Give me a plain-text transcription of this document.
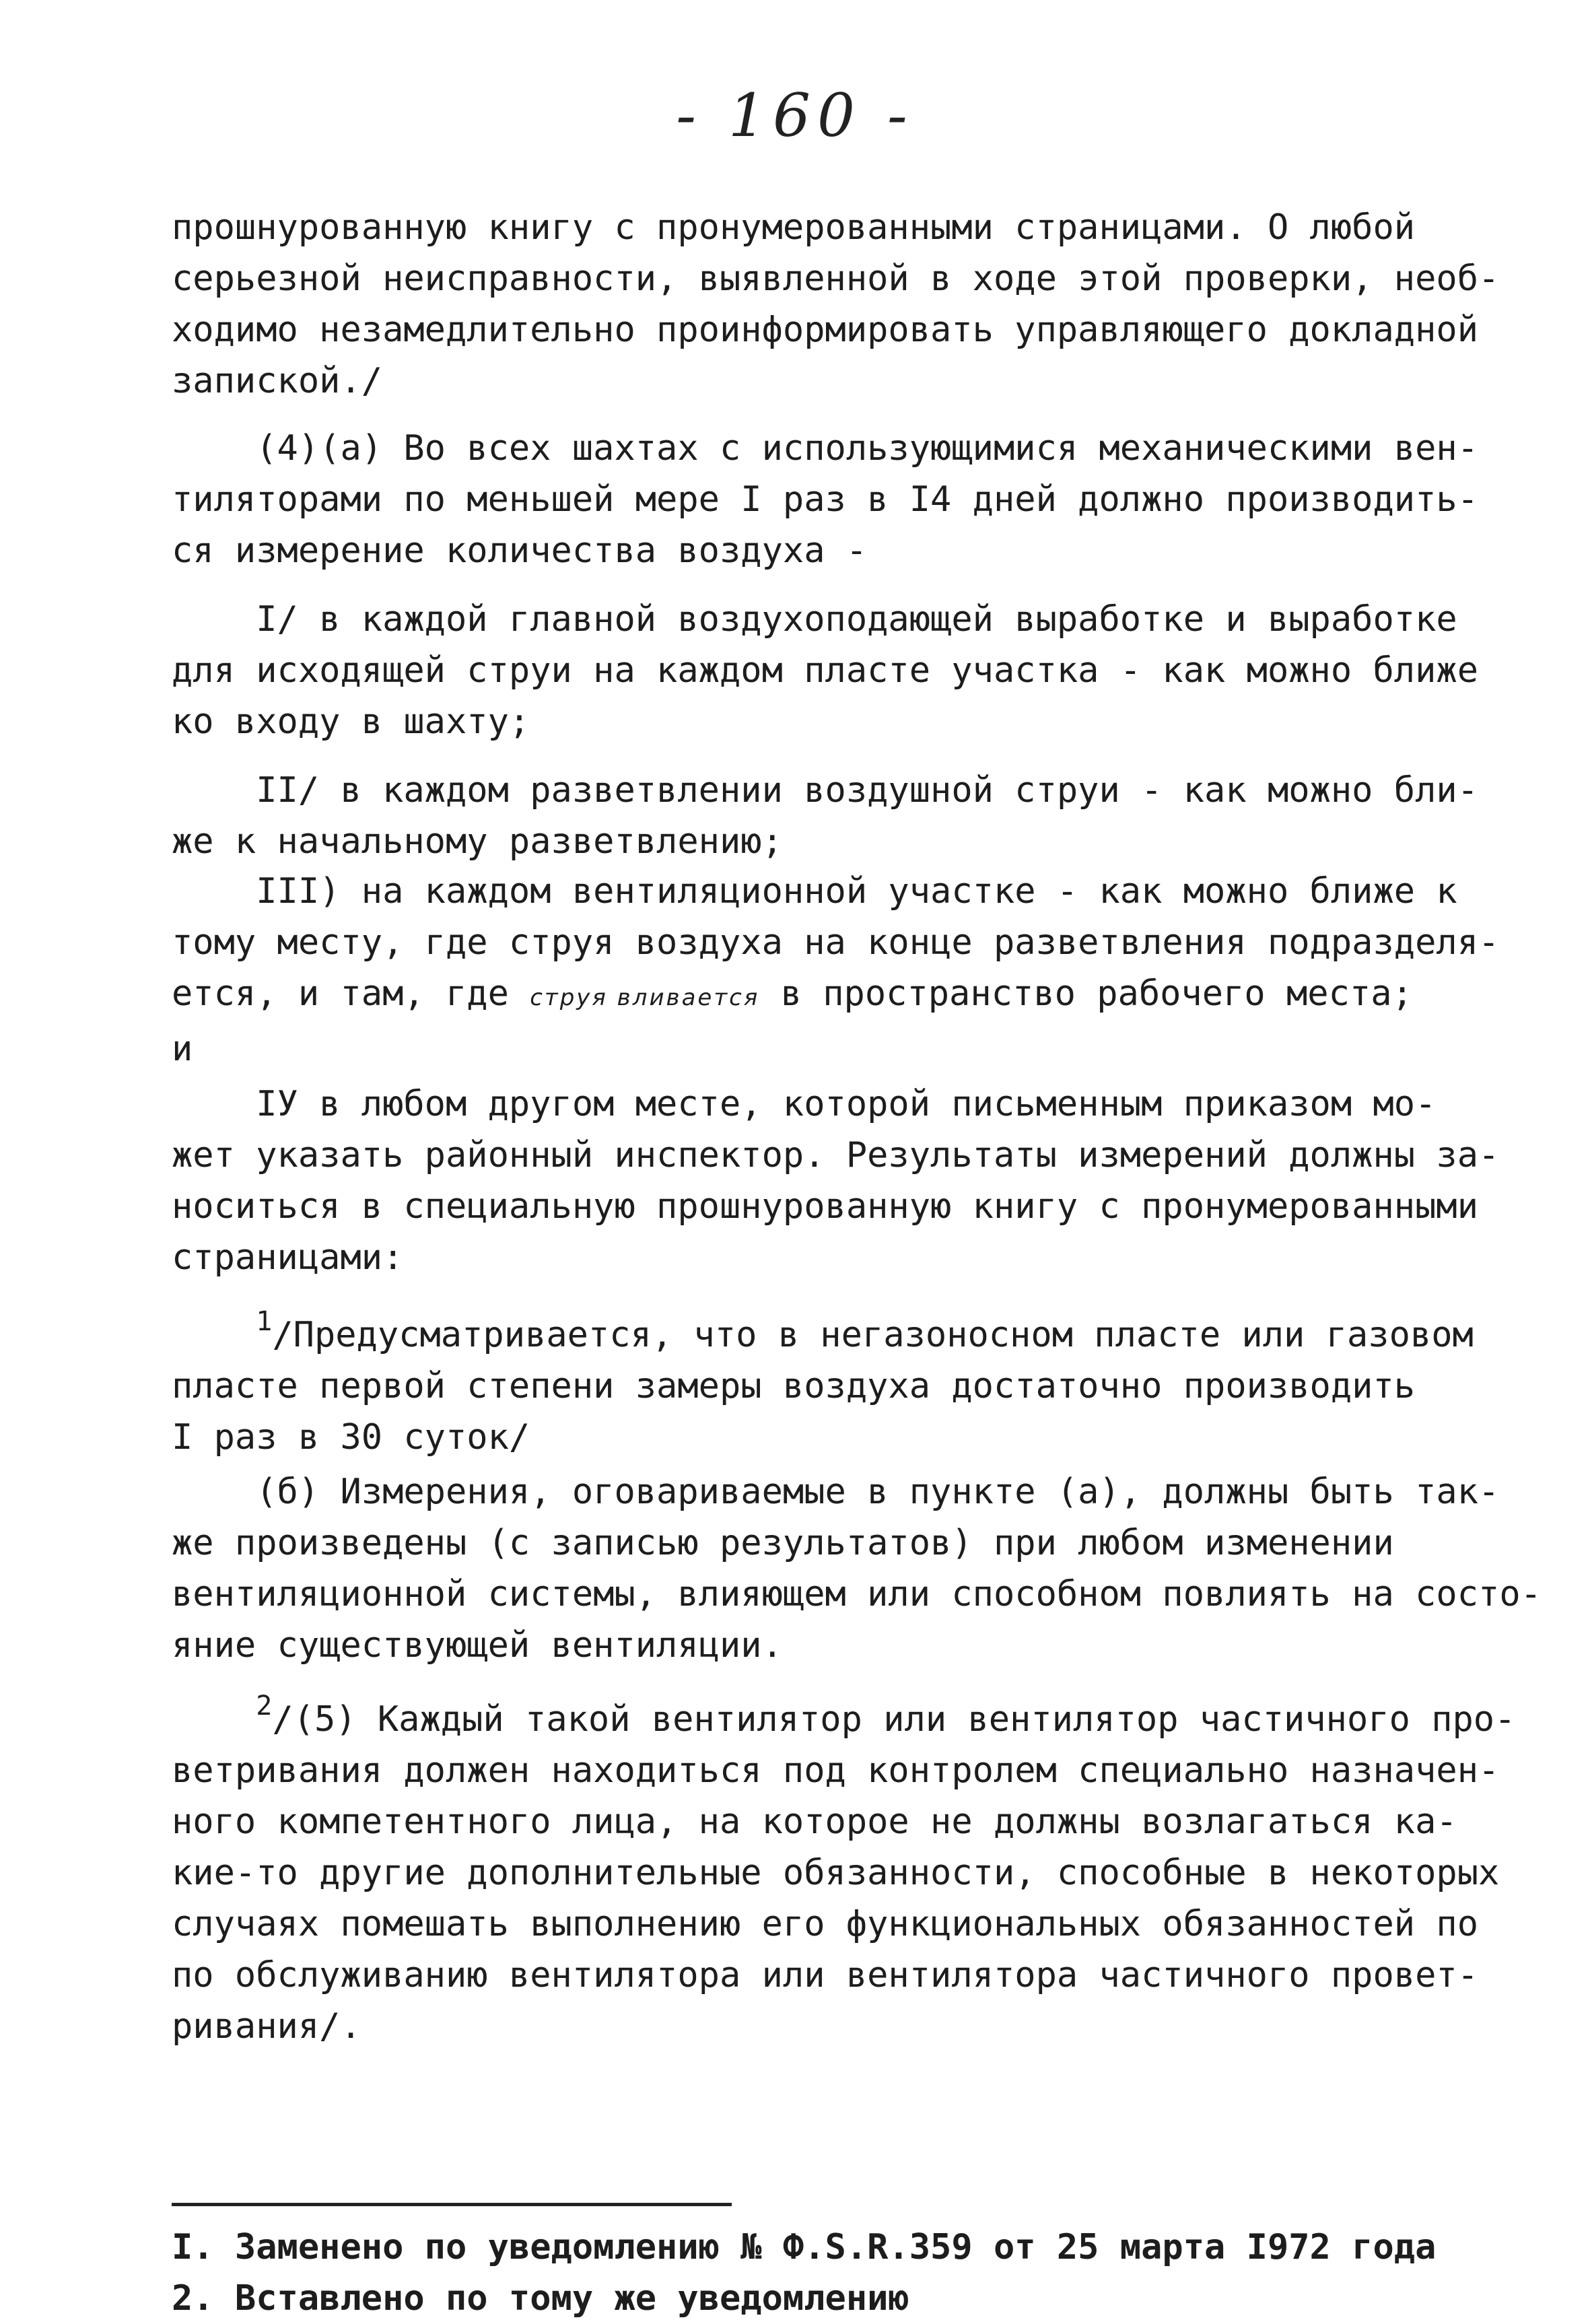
- 160 -
прошнурованную книгу с пронумерованными страницами. О любой
серьезной неисправности, выявленной в ходе этой проверки, необ-
ходимо незамедлительно проинформировать управляющего докладной
запиской./
(4)(а) Во всех шахтах с использующимися механическими вен-
тиляторами по меньшей мере I раз в I4 дней должно производить-
ся измерение количества воздуха -
I/ в каждой главной воздухоподающей выработке и выработке
для исходящей струи на каждом пласте участка - как можно ближе
ко входу в шахту;
II/ в каждом разветвлении воздушной струи - как можно бли-
же к начальному разветвлению;
III) на каждом вентиляционной участке - как можно ближе к
тому месту, где струя воздуха на конце разветвления подразделя-
ется, и там, где струя вливается в пространство рабочего места;
и
IУ в любом другом месте, которой письменным приказом мо-
жет указать районный инспектор. Результаты измерений должны за-
носиться в специальную прошнурованную книгу с пронумерованными
страницами:
$^1$/Предусматривается, что в негазоносном пласте или газовом
пласте первой степени замеры воздуха достаточно производить
I раз в 30 суток/
(б) Измерения, оговариваемые в пункте (а), должны быть так-
же произведены (с записью результатов) при любом изменении
вентиляционной системы, влияющем или способном повлиять на состо-
яние существующей вентиляции.
$^2$/(5) Каждый такой вентилятор или вентилятор частичного про-
ветривания должен находиться под контролем специально назначен-
ного компетентного лица, на которое не должны возлагаться ка-
кие-то другие дополнительные обязанности, способные в некоторых
случаях помешать выполнению его функциональных обязанностей по
по обслуживанию вентилятора или вентилятора частичного провет-
ривания/.
I. Заменено по уведомлению № Ф.S.R.359 от 25 марта I972 года
2. Вставлено по тому же уведомлению
